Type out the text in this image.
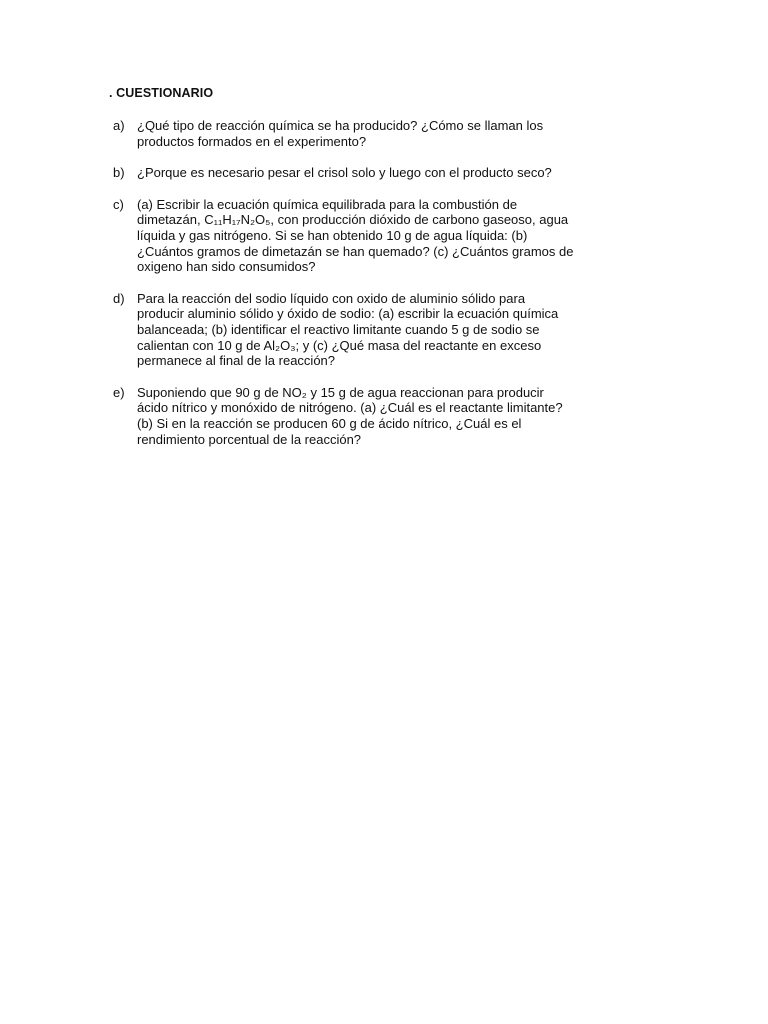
. CUESTIONARIO
a) ¿Qué tipo de reacción química se ha producido? ¿Cómo se llaman los
productos formados en el experimento?
b) ¿Porque es necesario pesar el crisol solo y luego con el producto seco?
c)	(a) Escribir la ecuación química equilibrada para la combustión de
dimetazán, C₁₁H₁₇N₂O₅, con producción dióxido de carbono gaseoso, agua
líquida y gas nitrógeno. Si se han obtenido 10 g de agua líquida: (b)
¿Cuántos gramos de dimetazán se han quemado? (c) ¿Cuántos gramos de
oxigeno han sido consumidos?
d) Para la reacción del sodio líquido con oxido de aluminio sólido para
producir aluminio sólido y óxido de sodio: (a) escribir la ecuación química
balanceada; (b) identificar el reactivo limitante cuando 5 g de sodio se
calientan con 10 g de Al₂O₃; y (c) ¿Qué masa del reactante en exceso
permanece al final de la reacción?
e) Suponiendo que 90 g de NO₂ y 15 g de agua reaccionan para producir
ácido nítrico y monóxido de nitrógeno. (a) ¿Cuál es el reactante limitante?
(b) Si en la reacción se producen 60 g de ácido nítrico, ¿Cuál es el
rendimiento porcentual de la reacción?
